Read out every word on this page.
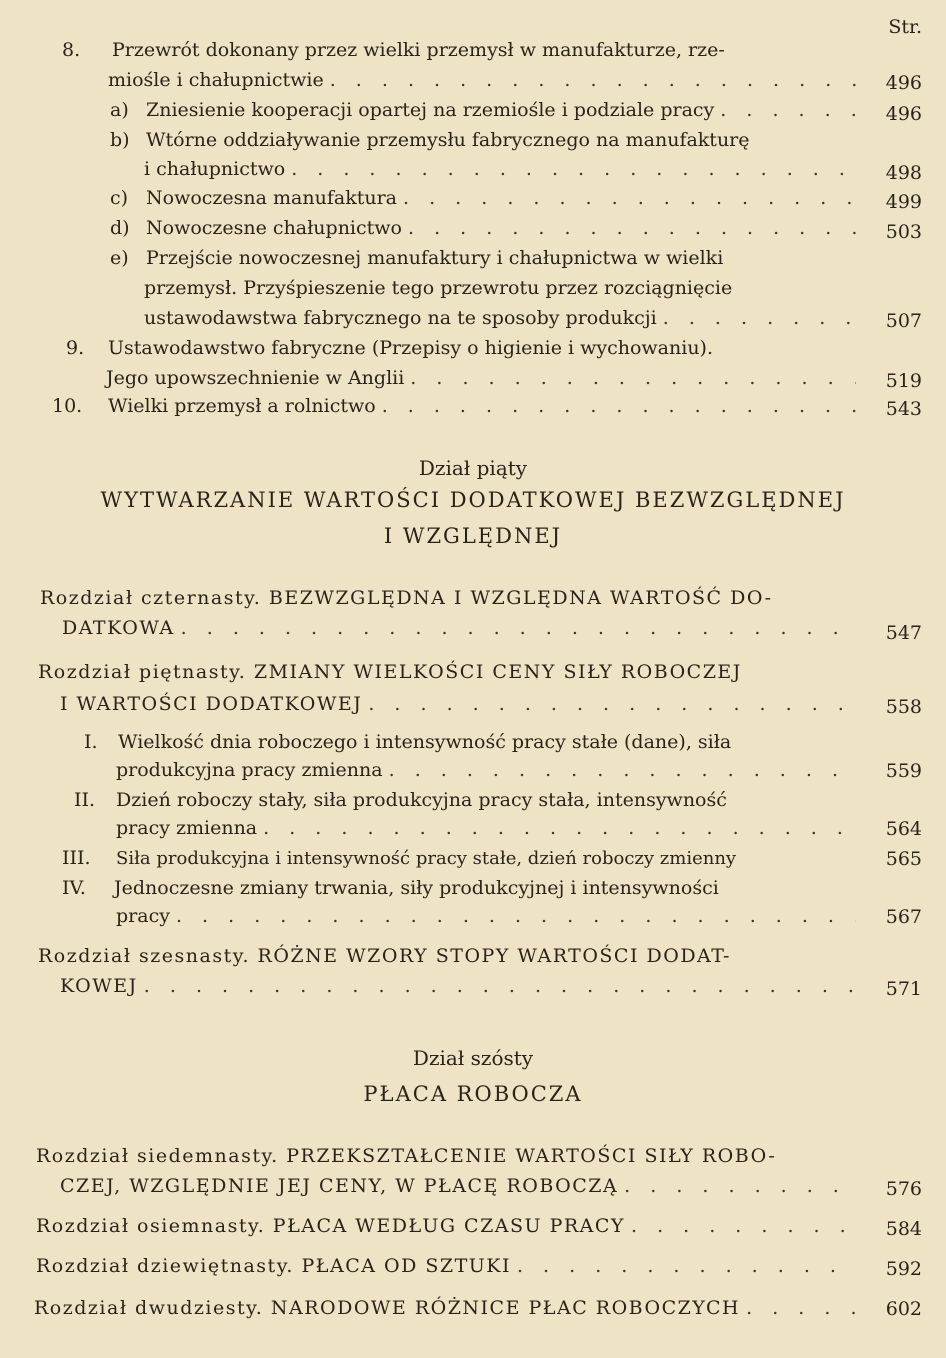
Str.
8.	Przewrót dokonany przez wielki przemysł w manufakturze, rze-
miośle i chałupnictwie . . .	496
a) Zniesienie kooperacji opartej na rzemiośle i podziale pracy . . .	496
b) Wtórne oddziaływanie przemysłu fabrycznego na manufakturę
i chałupnictwo . . .	498
c) Nowoczesna manufaktura . . .	499
d) Nowoczesne chałupnictwo . . .	503
e) Przejście nowoczesnej manufaktury i chałupnictwa w wielki
przemysł. Przyśpieszenie tego przewrotu przez rozciągnięcie
ustawodawstwa fabrycznego na te sposoby produkcji . . .	507
9. Ustawodawstwo fabryczne (Przepisy o higienie i wychowaniu).
Jego upowszechnienie w Anglii . . .	519
10. Wielki przemysł a rolnictwo . . .	543
Dział piąty
WYTWARZANIE WARTOŚCI DODATKOWEJ BEZWZGLĘDNEJ
I WZGLĘDNEJ
Rozdział czternasty. BEZWZGLĘDNA I WZGLĘDNA WARTOŚĆ DO-
DATKOWA . . .	547
Rozdział piętnasty. ZMIANY WIELKOŚCI CENY SIŁY ROBOCZEJ
I WARTOŚCI DODATKOWEJ . . .	558
I. Wielkość dnia roboczego i intensywność pracy stałe (dane), siła
produkcyjna pracy zmienna . . .	559
II. Dzień roboczy stały, siła produkcyjna pracy stała, intensywność
pracy zmienna . . .	564
III. Siła produkcyjna i intensywność pracy stałe, dzień roboczy zmienny	565
IV. Jednoczesne zmiany trwania, siły produkcyjnej i intensywności
pracy . . .	567
Rozdział szesnasty. RÓŻNE WZORY STOPY WARTOŚCI DODAT-
KOWEJ . . .	571
Dział szósty
PŁACA ROBOCZA
Rozdział siedemnasty. PRZEKSZTAŁCENIE WARTOŚCI SIŁY ROBO-
CZEJ, WZGLĘDNIE JEJ CENY, W PŁACĘ ROBOCZĄ . . .	576
Rozdział osiemnasty. PŁACA WEDŁUG CZASU PRACY . . .	584
Rozdział dziewiętnasty. PŁACA OD SZTUKI . . .	592
Rozdział dwudziesty. NARODOWE RÓŻNICE PŁAC ROBOCZYCH . . .	602
